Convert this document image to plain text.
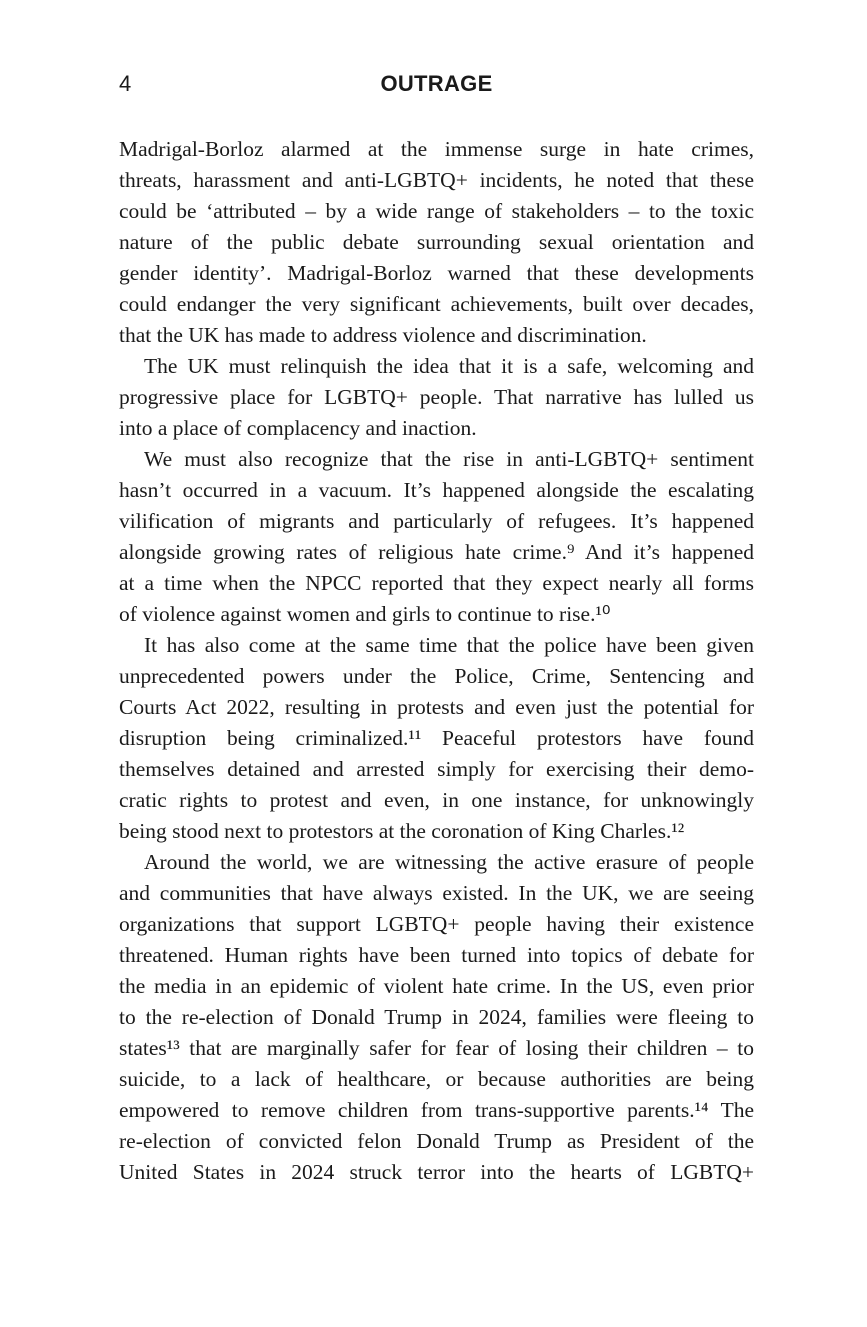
4	OUTRAGE
Madrigal-Borloz alarmed at the immense surge in hate crimes,
threats, harassment and anti-LGBTQ+ incidents, he noted that these
could be ‘attributed – by a wide range of stakeholders – to the toxic
nature of the public debate surrounding sexual orientation and
gender identity’. Madrigal-Borloz warned that these developments
could endanger the very significant achievements, built over decades,
that the UK has made to address violence and discrimination.
The UK must relinquish the idea that it is a safe, welcoming and
progressive place for LGBTQ+ people. That narrative has lulled us
into a place of complacency and inaction.
We must also recognize that the rise in anti-LGBTQ+ sentiment
hasn’t occurred in a vacuum. It’s happened alongside the escalating
vilification of migrants and particularly of refugees. It’s happened
alongside growing rates of religious hate crime.⁹ And it’s happened
at a time when the NPCC reported that they expect nearly all forms
of violence against women and girls to continue to rise.¹⁰
It has also come at the same time that the police have been given
unprecedented powers under the Police, Crime, Sentencing and
Courts Act 2022, resulting in protests and even just the potential for
disruption being criminalized.¹¹ Peaceful protestors have found
themselves detained and arrested simply for exercising their demo-
cratic rights to protest and even, in one instance, for unknowingly
being stood next to protestors at the coronation of King Charles.¹²
Around the world, we are witnessing the active erasure of people
and communities that have always existed. In the UK, we are seeing
organizations that support LGBTQ+ people having their existence
threatened. Human rights have been turned into topics of debate for
the media in an epidemic of violent hate crime. In the US, even prior
to the re-election of Donald Trump in 2024, families were fleeing to
states¹³ that are marginally safer for fear of losing their children – to
suicide, to a lack of healthcare, or because authorities are being
empowered to remove children from trans-supportive parents.¹⁴ The
re-election of convicted felon Donald Trump as President of the
United States in 2024 struck terror into the hearts of LGBTQ+
